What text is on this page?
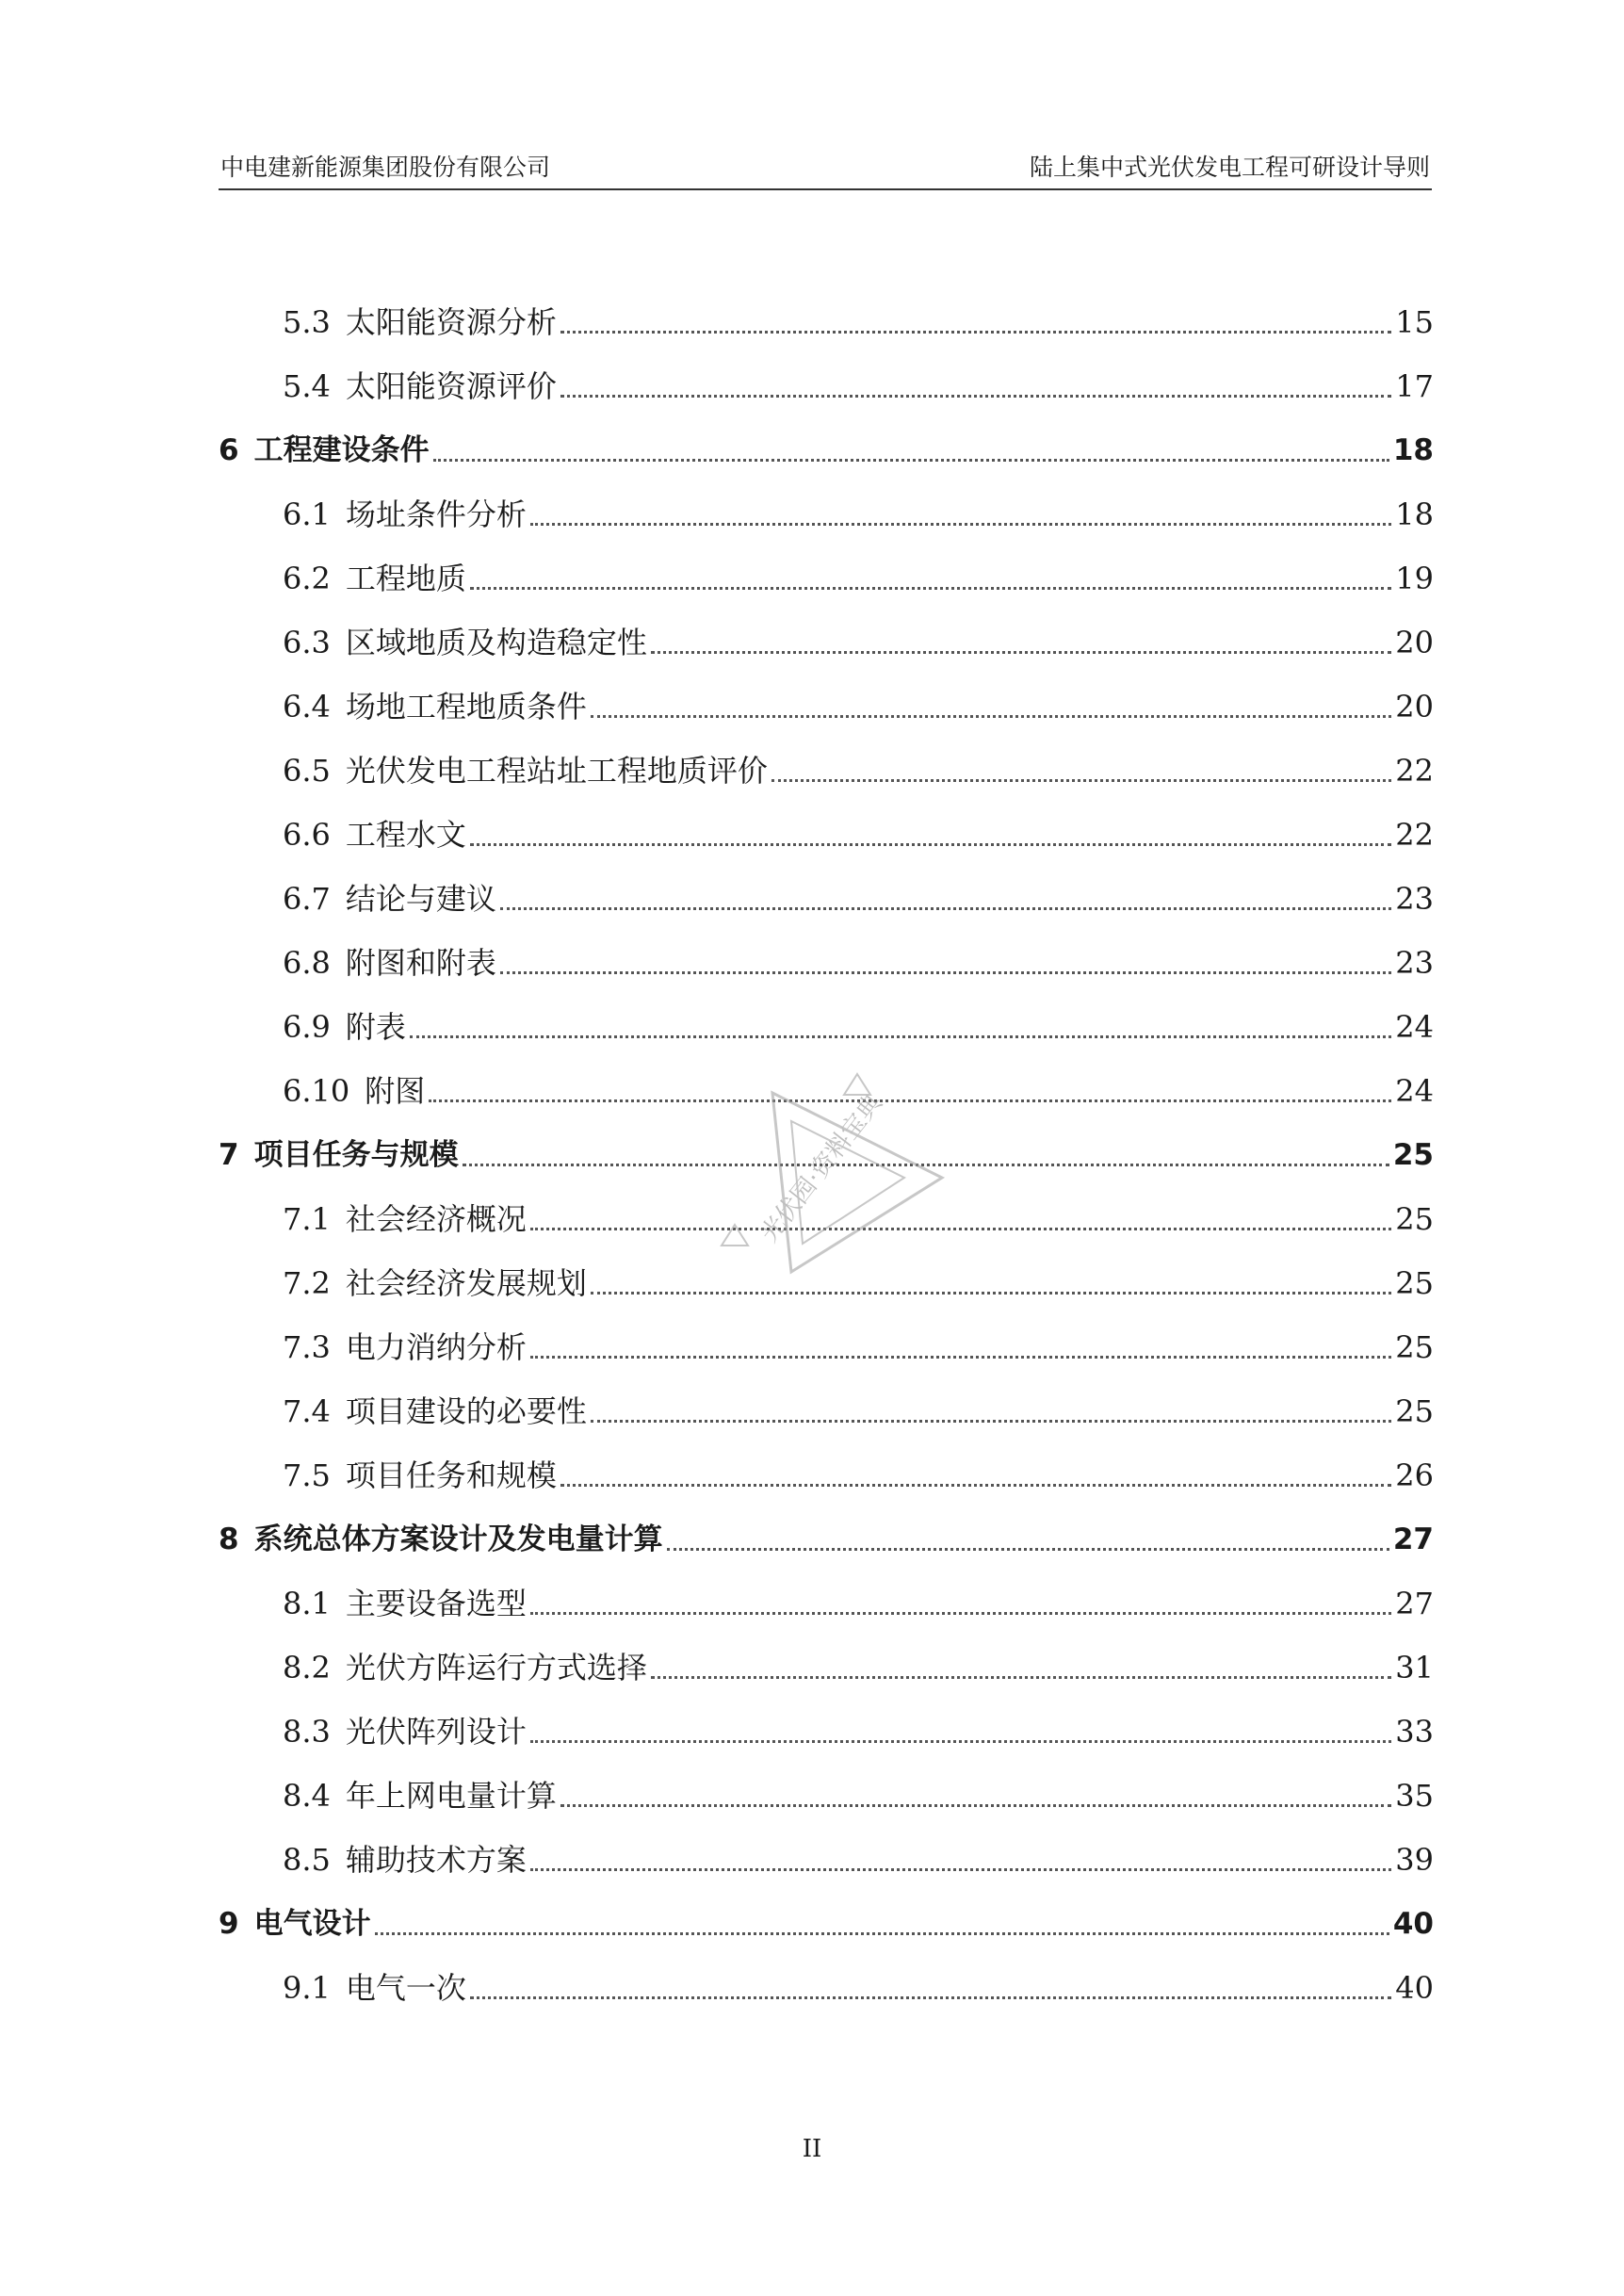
中电建新能源集团股份有限公司	陆上集中式光伏发电工程可研设计导则
5.3 太阳能资源分析	15
5.4 太阳能资源评价	17
6 工程建设条件	18
6.1 场址条件分析	18
6.2 工程地质	19
6.3 区域地质及构造稳定性	20
6.4 场地工程地质条件	20
6.5 光伏发电工程站址工程地质评价	22
6.6 工程水文	22
6.7 结论与建议	23
6.8 附图和附表	23
6.9 附表	24
6.10 附图	24
7 项目任务与规模	25
7.1 社会经济概况	25
7.2 社会经济发展规划	25
7.3 电力消纳分析	25
7.4 项目建设的必要性	25
7.5 项目任务和规模	26
8 系统总体方案设计及发电量计算	27
8.1 主要设备选型	27
8.2 光伏方阵运行方式选择	31
8.3 光伏阵列设计	33
8.4 年上网电量计算	35
8.5 辅助技术方案	39
9 电气设计	40
9.1 电气一次	40
光伏园·资料宝典
II
